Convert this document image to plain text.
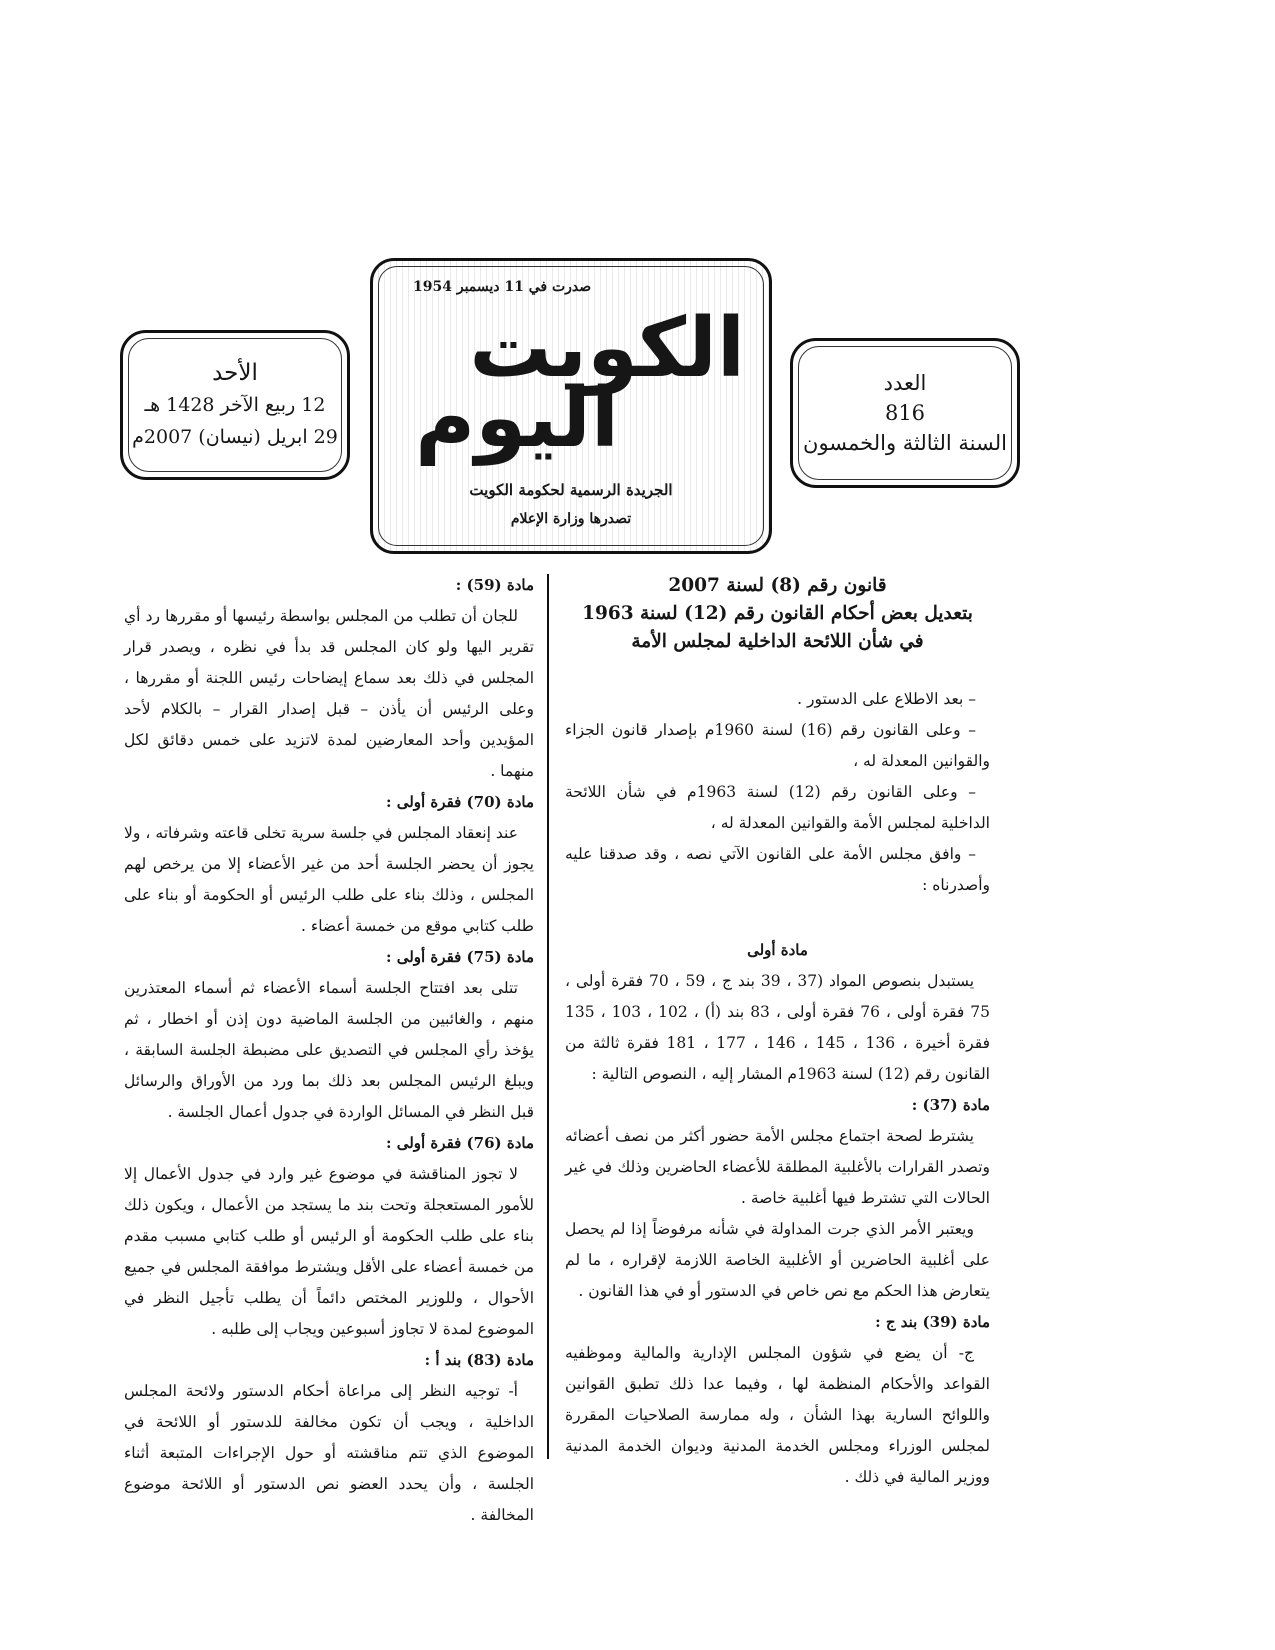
العدد
816
السنة الثالثة والخمسون
صدرت في 11 ديسمبر 1954
الكويت
اليوم
الجريدة الرسمية لحكومة الكويت
تصدرها وزارة الإعلام
الأحد
12 ربيع الآخر 1428 هـ
29 ابريل (نيسان) 2007م
قانون رقم (8) لسنة 2007
بتعديل بعض أحكام القانون رقم (12) لسنة 1963
في شأن اللائحة الداخلية لمجلس الأمة

– بعد الاطلاع على الدستور .

– وعلى القانون رقم (16) لسنة 1960م بإصدار قانون الجزاء والقوانين المعدلة له ،

– وعلى القانون رقم (12) لسنة 1963م في شأن اللائحة الداخلية لمجلس الأمة والقوانين المعدلة له ،

– وافق مجلس الأمة على القانون الآتي نصه ، وقد صدقنا عليه وأصدرناه :

مادة أولى

يستبدل بنصوص المواد (37 ، 39 بند ج ، 59 ، 70 فقرة أولى ، 75 فقرة أولى ، 76 فقرة أولى ، 83 بند (أ) ، 102 ، 103 ، 135 فقرة أخيرة ، 136 ، 145 ، 146 ، 177 ، 181 فقرة ثالثة من القانون رقم (12) لسنة 1963م المشار إليه ، النصوص التالية :

مادة (37) :

يشترط لصحة اجتماع مجلس الأمة حضور أكثر من نصف أعضائه وتصدر القرارات بالأغلبية المطلقة للأعضاء الحاضرين وذلك في غير الحالات التي تشترط فيها أغلبية خاصة .

ويعتبر الأمر الذي جرت المداولة في شأنه مرفوضاً إذا لم يحصل على أغلبية الحاضرين أو الأغلبية الخاصة اللازمة لإقراره ، ما لم يتعارض هذا الحكم مع نص خاص في الدستور أو في هذا القانون .

مادة (39) بند ج :

ج- أن يضع في شؤون المجلس الإدارية والمالية وموظفيه القواعد والأحكام المنظمة لها ، وفيما عدا ذلك تطبق القوانين واللوائح السارية بهذا الشأن ، وله ممارسة الصلاحيات المقررة لمجلس الوزراء ومجلس الخدمة المدنية وديوان الخدمة المدنية ووزير المالية في ذلك .

مادة (59) :

للجان أن تطلب من المجلس بواسطة رئيسها أو مقررها رد أي تقرير اليها ولو كان المجلس قد بدأ في نظره ، ويصدر قرار المجلس في ذلك بعد سماع إيضاحات رئيس اللجنة أو مقررها ، وعلى الرئيس أن يأذن – قبل إصدار القرار – بالكلام لأحد المؤيدين وأحد المعارضين لمدة لاتزيد على خمس دقائق لكل منهما .

مادة (70) فقرة أولى :

عند إنعقاد المجلس في جلسة سرية تخلى قاعته وشرفاته ، ولا يجوز أن يحضر الجلسة أحد من غير الأعضاء إلا من يرخص لهم المجلس ، وذلك بناء على طلب الرئيس أو الحكومة أو بناء على طلب كتابي موقع من خمسة أعضاء .

مادة (75) فقرة أولى :

تتلى بعد افتتاح الجلسة أسماء الأعضاء ثم أسماء المعتذرين منهم ، والغائبين من الجلسة الماضية دون إذن أو اخطار ، ثم يؤخذ رأي المجلس في التصديق على مضبطة الجلسة السابقة ، ويبلغ الرئيس المجلس بعد ذلك بما ورد من الأوراق والرسائل قبل النظر في المسائل الواردة في جدول أعمال الجلسة .

مادة (76) فقرة أولى :

لا تجوز المناقشة في موضوع غير وارد في جدول الأعمال إلا للأمور المستعجلة وتحت بند ما يستجد من الأعمال ، ويكون ذلك بناء على طلب الحكومة أو الرئيس أو طلب كتابي مسبب مقدم من خمسة أعضاء على الأقل ويشترط موافقة المجلس في جميع الأحوال ، وللوزير المختص دائماً أن يطلب تأجيل النظر في الموضوع لمدة لا تجاوز أسبوعين ويجاب إلى طلبه .

مادة (83) بند أ :

أ- توجيه النظر إلى مراعاة أحكام الدستور ولائحة المجلس الداخلية ، ويجب أن تكون مخالفة للدستور أو اللائحة في الموضوع الذي تتم مناقشته أو حول الإجراءات المتبعة أثناء الجلسة ، وأن يحدد العضو نص الدستور أو اللائحة موضوع المخالفة .
